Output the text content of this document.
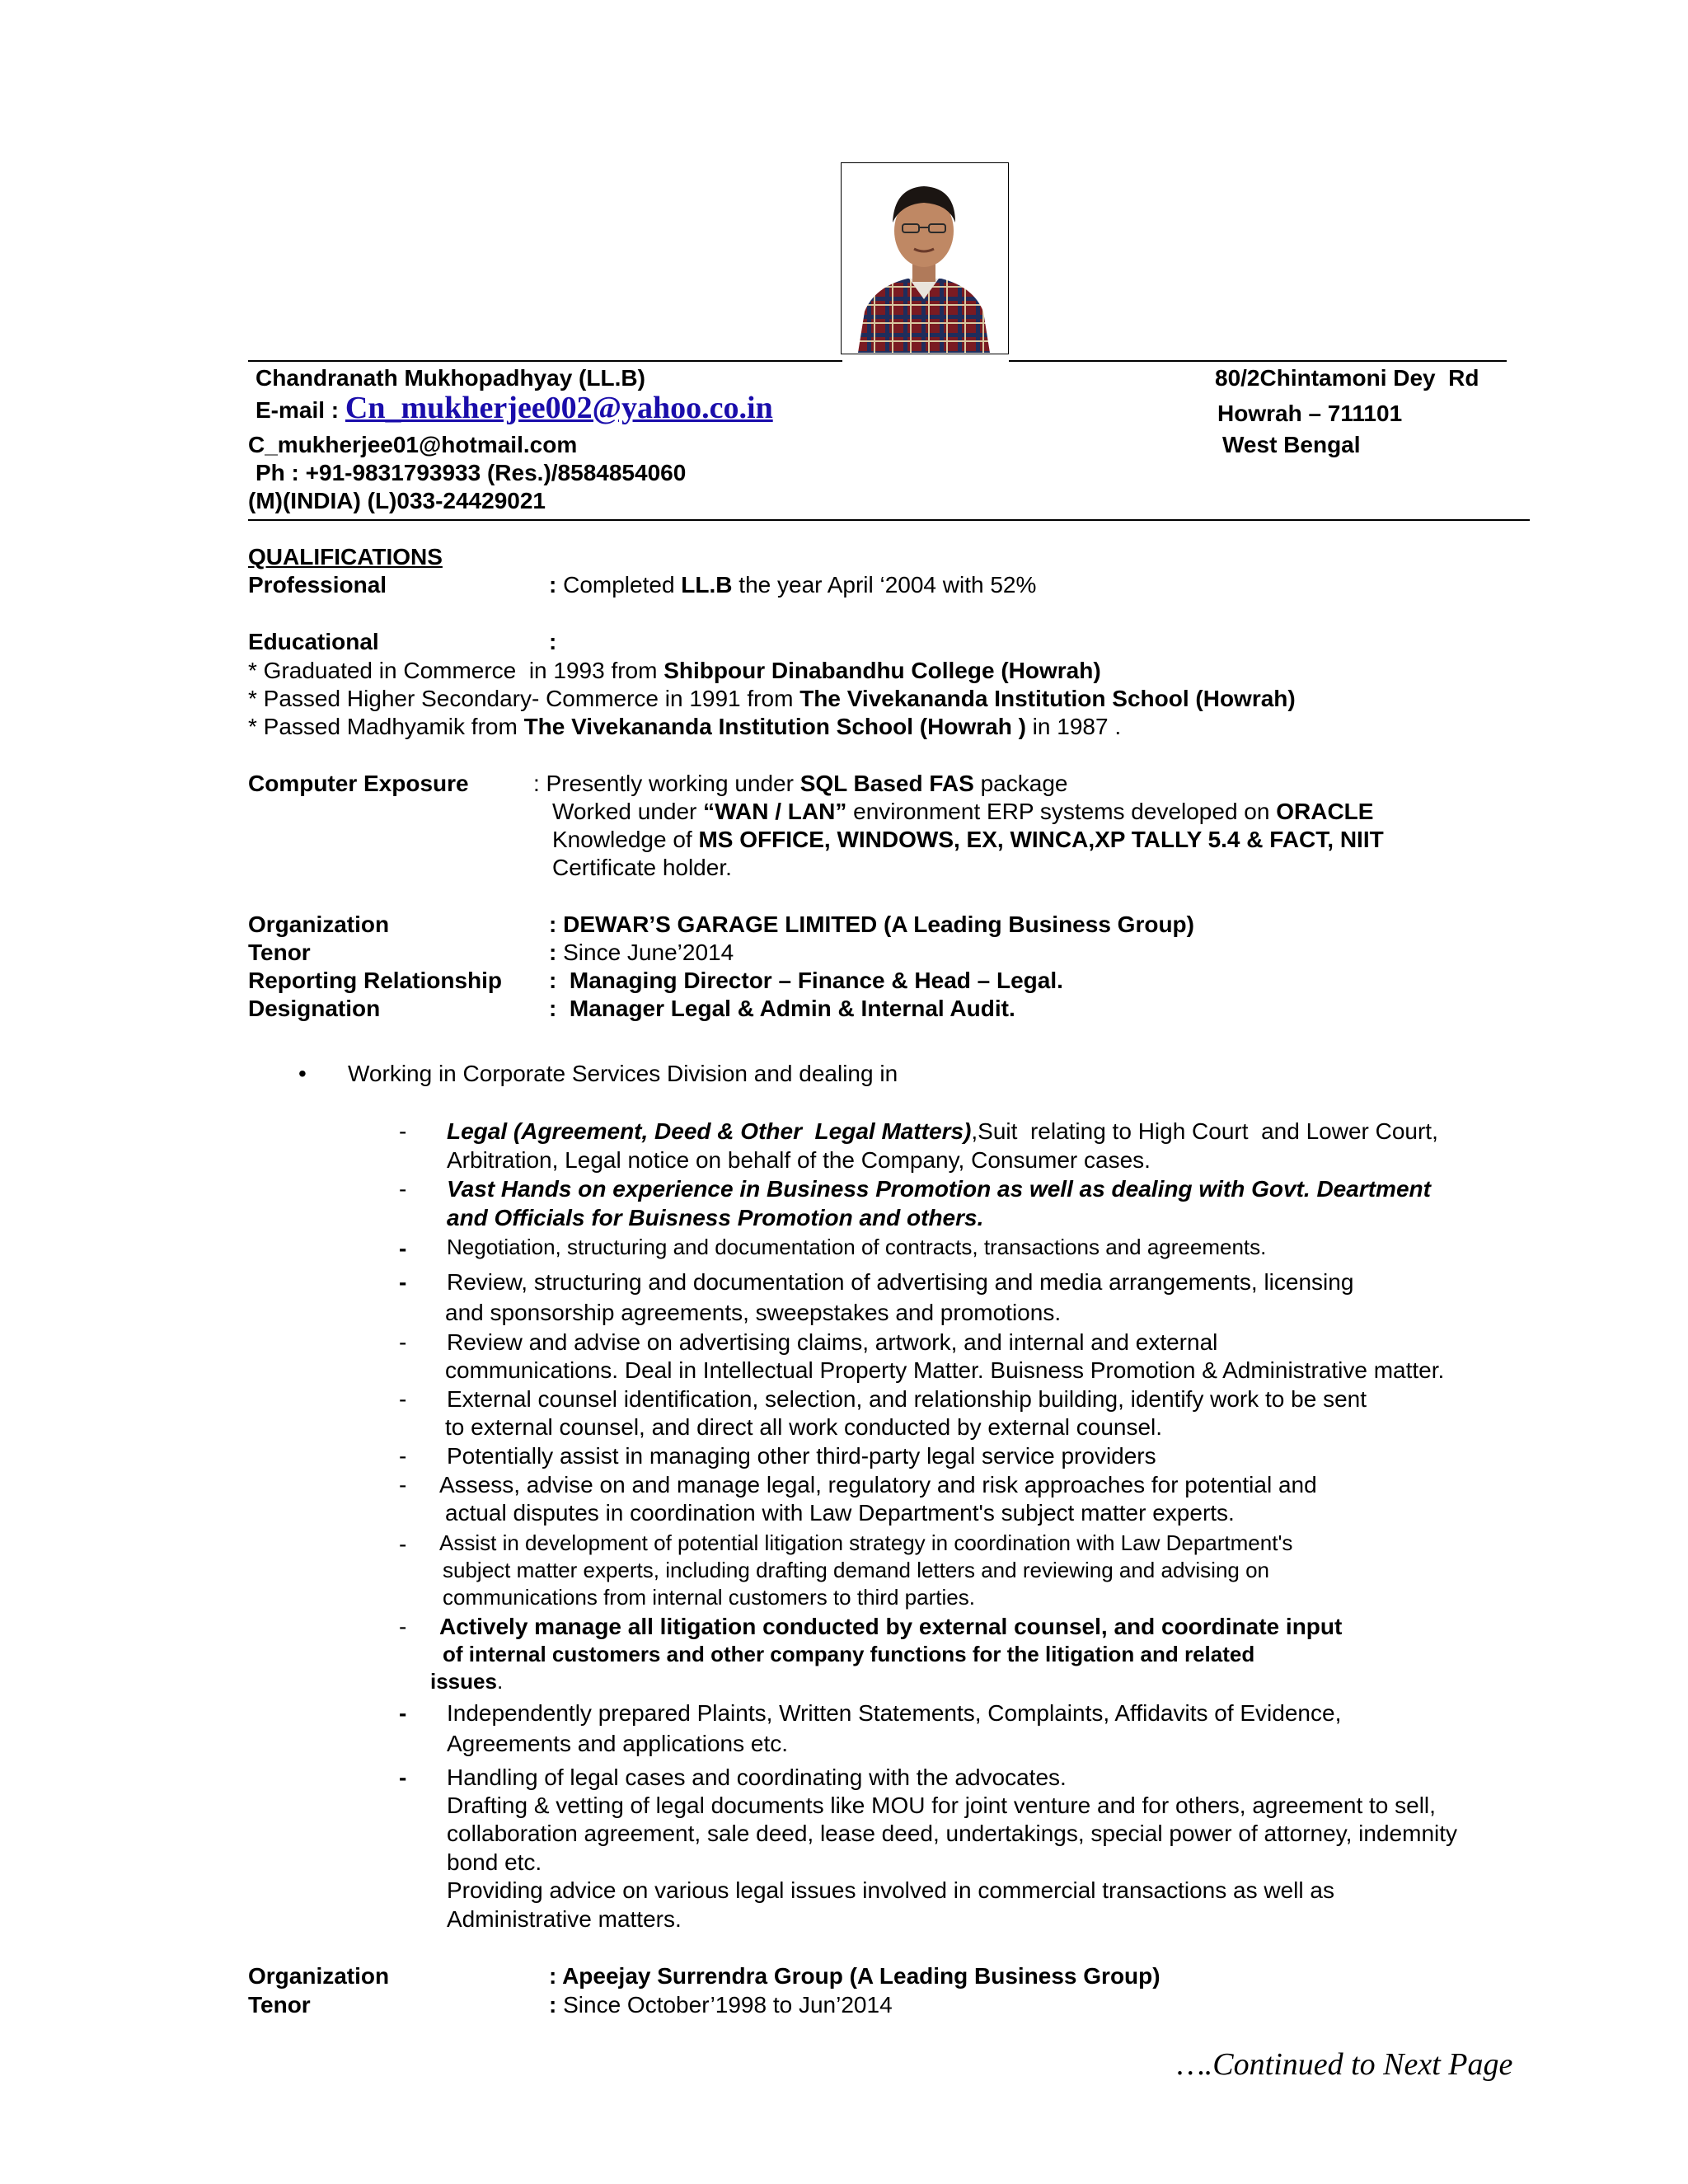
Chandranath Mukhopadhyay (LL.B)
E-mail : Cn_mukherjee002@yahoo.co.in
C_mukherjee01@hotmail.com
Ph : +91-9831793933 (Res.)/8584854060
(M)(INDIA) (L)033-24429021
80/2Chintamoni Dey  Rd
Howrah – 711101
West Bengal
QUALIFICATIONS
Professional	: Completed LL.B the year April ‘2004 with 52%
Educational	:
* Graduated in Commerce  in 1993 from Shibpour Dinabandhu College (Howrah)
* Passed Higher Secondary- Commerce in 1991 from The Vivekananda Institution School (Howrah)
* Passed Madhyamik from The Vivekananda Institution School (Howrah ) in 1987 .
Computer Exposure	: Presently working under SQL Based FAS package
Worked under “WAN / LAN” environment ERP systems developed on ORACLE
Knowledge of MS OFFICE, WINDOWS, EX, WINCA,XP TALLY 5.4 & FACT, NIIT
Certificate holder.
Organization	: DEWAR’S GARAGE LIMITED (A Leading Business Group)
Tenor	: Since June’2014
Reporting Relationship :  Managing Director – Finance & Head – Legal.
Designation	:  Manager Legal & Admin & Internal Audit.
• Working in Corporate Services Division and dealing in
- Legal (Agreement, Deed & Other  Legal Matters),Suit  relating to High Court  and Lower Court,
Arbitration, Legal notice on behalf of the Company, Consumer cases.
- Vast Hands on experience in Business Promotion as well as dealing with Govt. Deartment
and Officials for Buisness Promotion and others.
- Negotiation, structuring and documentation of contracts, transactions and agreements.
- Review, structuring and documentation of advertising and media arrangements, licensing
and sponsorship agreements, sweepstakes and promotions.
- Review and advise on advertising claims, artwork, and internal and external
communications. Deal in Intellectual Property Matter. Buisness Promotion & Administrative matter.
- External counsel identification, selection, and relationship building, identify work to be sent
to external counsel, and direct all work conducted by external counsel.
- Potentially assist in managing other third-party legal service providers
- Assess, advise on and manage legal, regulatory and risk approaches for potential and
actual disputes in coordination with Law Department's subject matter experts.
- Assist in development of potential litigation strategy in coordination with Law Department's
subject matter experts, including drafting demand letters and reviewing and advising on
communications from internal customers to third parties.
- Actively manage all litigation conducted by external counsel, and coordinate input
of internal customers and other company functions for the litigation and related
issues.
- Independently prepared Plaints, Written Statements, Complaints, Affidavits of Evidence,
Agreements and applications etc.
- Handling of legal cases and coordinating with the advocates.
Drafting & vetting of legal documents like MOU for joint venture and for others, agreement to sell,
collaboration agreement, sale deed, lease deed, undertakings, special power of attorney, indemnity
bond etc.
Providing advice on various legal issues involved in commercial transactions as well as
Administrative matters.
Organization	: Apeejay Surrendra Group (A Leading Business Group)
Tenor	: Since October’1998 to Jun’2014
….Continued to Next Page
